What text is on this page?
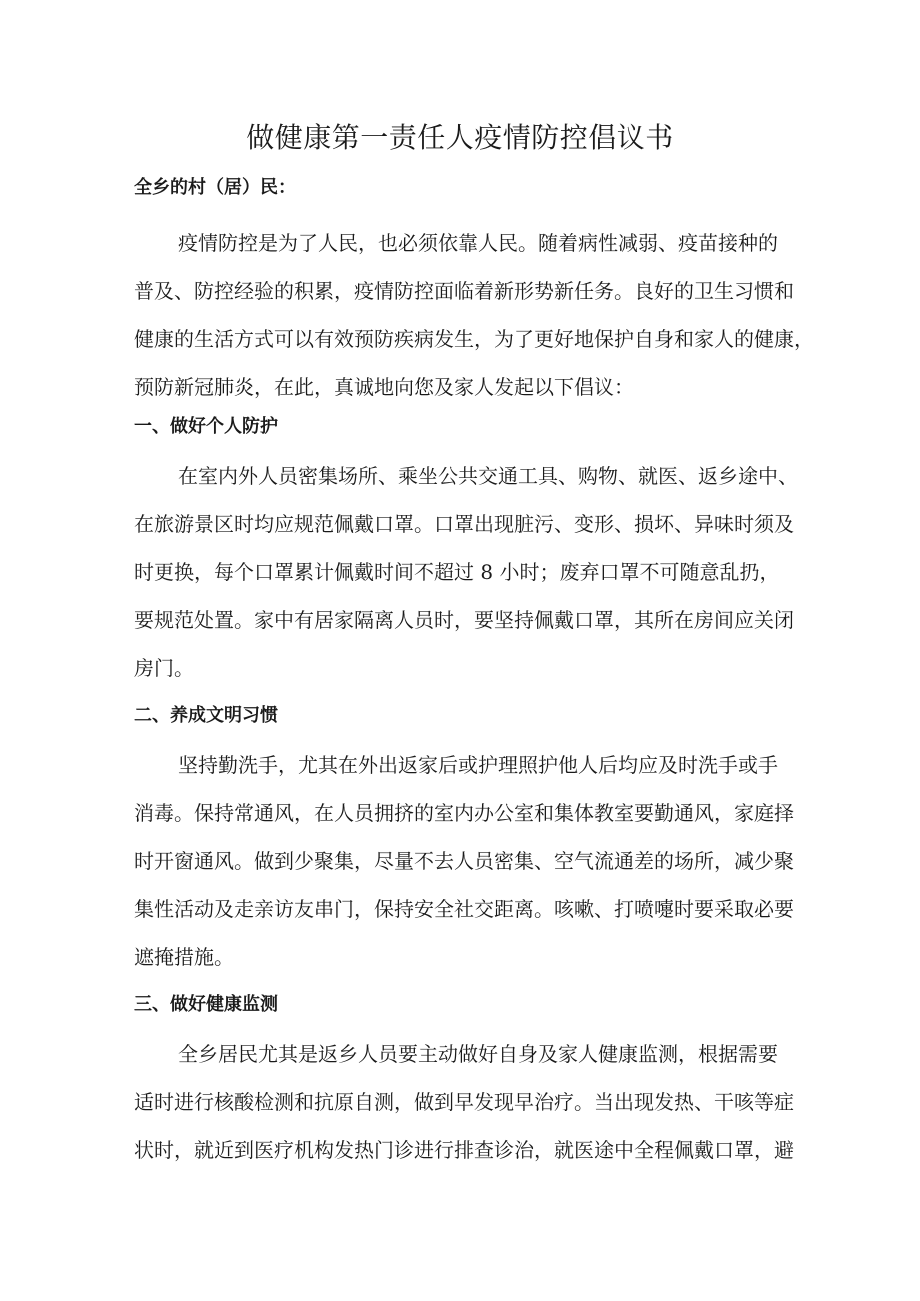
做健康第一责任人疫情防控倡议书
全乡的村（居）民：
疫情防控是为了人民，也必须依靠人民。随着病性减弱、疫苗接种的
普及、防控经验的积累，疫情防控面临着新形势新任务。良好的卫生习惯和
健康的生活方式可以有效预防疾病发生，为了更好地保护自身和家人的健康，
预防新冠肺炎，在此，真诚地向您及家人发起以下倡议：
一、做好个人防护
在室内外人员密集场所、乘坐公共交通工具、购物、就医、返乡途中、
在旅游景区时均应规范佩戴口罩。口罩出现脏污、变形、损坏、异味时须及
时更换，每个口罩累计佩戴时间不超过 8 小时；废弃口罩不可随意乱扔，
要规范处置。家中有居家隔离人员时，要坚持佩戴口罩，其所在房间应关闭
房门。
二、养成文明习惯
坚持勤洗手，尤其在外出返家后或护理照护他人后均应及时洗手或手
消毒。保持常通风，在人员拥挤的室内办公室和集体教室要勤通风，家庭择
时开窗通风。做到少聚集，尽量不去人员密集、空气流通差的场所，减少聚
集性活动及走亲访友串门，保持安全社交距离。咳嗽、打喷嚏时要采取必要
遮掩措施。
三、做好健康监测
全乡居民尤其是返乡人员要主动做好自身及家人健康监测，根据需要
适时进行核酸检测和抗原自测，做到早发现早治疗。当出现发热、干咳等症
状时，就近到医疗机构发热门诊进行排查诊治，就医途中全程佩戴口罩，避
